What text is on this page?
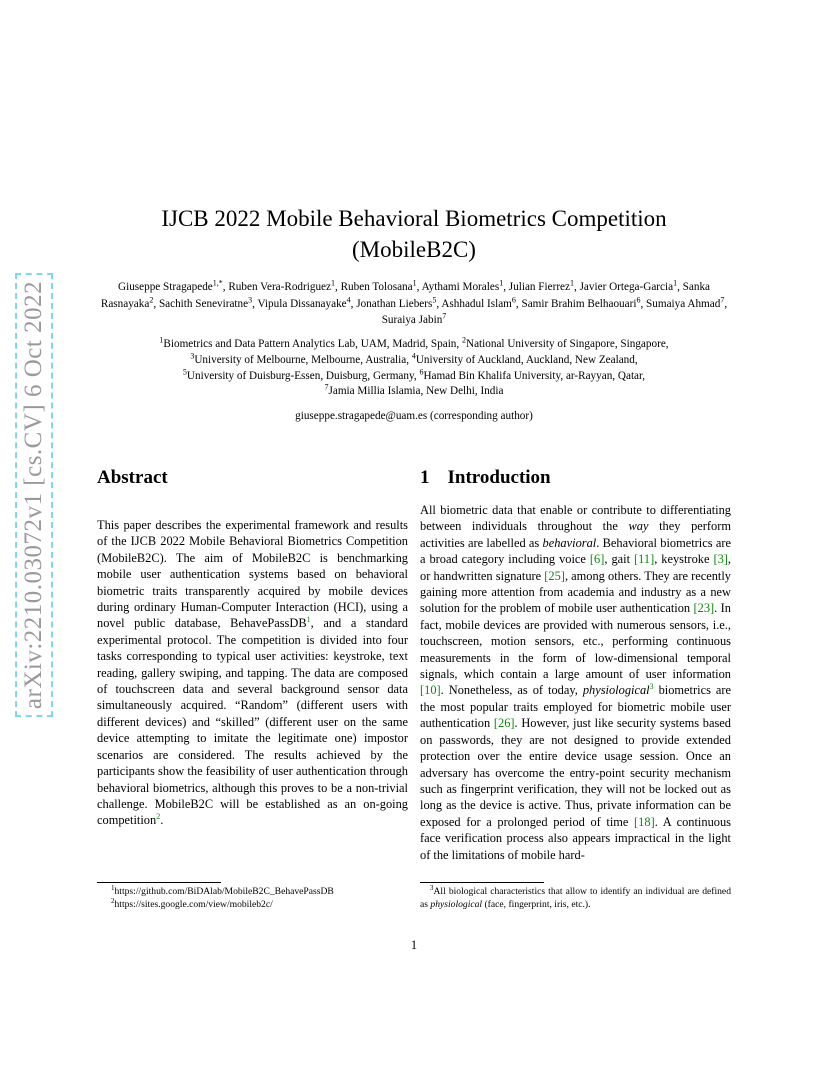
arXiv:2210.03072v1 [cs.CV] 6 Oct 2022
IJCB 2022 Mobile Behavioral Biometrics Competition (MobileB2C)
Giuseppe Stragapede$^{1,*}$, Ruben Vera-Rodriguez$^1$, Ruben Tolosana$^1$, Aythami Morales$^1$, Julian Fierrez$^1$, Javier Ortega-Garcia$^1$, Sanka Rasnayaka$^2$, Sachith Seneviratne$^3$, Vipula Dissanayake$^4$, Jonathan Liebers$^5$, Ashhadul Islam$^6$, Samir Brahim Belhaouari$^6$, Sumaiya Ahmad$^7$, Suraiya Jabin$^7$
$^1$Biometrics and Data Pattern Analytics Lab, UAM, Madrid, Spain, $^2$National University of Singapore, Singapore,
$^3$University of Melbourne, Melbourne, Australia, $^4$University of Auckland, Auckland, New Zealand,
$^5$University of Duisburg-Essen, Duisburg, Germany, $^6$Hamad Bin Khalifa University, ar-Rayyan, Qatar,
$^7$Jamia Millia Islamia, New Delhi, India
giuseppe.stragapede@uam.es (corresponding author)
Abstract	1 Introduction

This paper describes the experimental framework and results of the IJCB 2022 Mobile Behavioral Biometrics Competition (MobileB2C). The aim of MobileB2C is benchmarking mobile user authentication systems based on behavioral biometric traits transparently acquired by mobile devices during ordinary Human-Computer Interaction (HCI), using a novel public database, BehavePassDB$^1$, and a standard experimental protocol. The competition is divided into four tasks corresponding to typical user activities: keystroke, text reading, gallery swiping, and tapping. The data are composed of touchscreen data and several background sensor data simultaneously acquired. “Random” (different users with different devices) and “skilled” (different user on the same device attempting to imitate the legitimate one) impostor scenarios are considered. The results achieved by the participants show the feasibility of user authentication through behavioral biometrics, although this proves to be a non-trivial challenge. MobileB2C will be established as an on-going competition$^2$.

All biometric data that enable or contribute to differentiating between individuals throughout the way they perform activities are labelled as behavioral. Behavioral biometrics are a broad category including voice [6], gait [11], keystroke [3], or handwritten signature [25], among others. They are recently gaining more attention from academia and industry as a new solution for the problem of mobile user authentication [23]. In fact, mobile devices are provided with numerous sensors, i.e., touchscreen, motion sensors, etc., performing continuous measurements in the form of low-dimensional temporal signals, which contain a large amount of user information [10]. Nonetheless, as of today, physiological$^3$ biometrics are the most popular traits employed for biometric mobile user authentication [26]. However, just like security systems based on passwords, they are not designed to provide extended protection over the entire device usage session. Once an adversary has overcome the entry-point security mechanism such as fingerprint verification, they will not be locked out as long as the device is active. Thus, private information can be exposed for a prolonged period of time [18]. A continuous face verification process also appears impractical in the light of the limitations of mobile hard-

$^1$https://github.com/BiDAlab/MobileB2C_BehavePassDB
$^2$https://sites.google.com/view/mobileb2c/
$^3$All biological characteristics that allow to identify an individual are defined as physiological (face, fingerprint, iris, etc.).
1
